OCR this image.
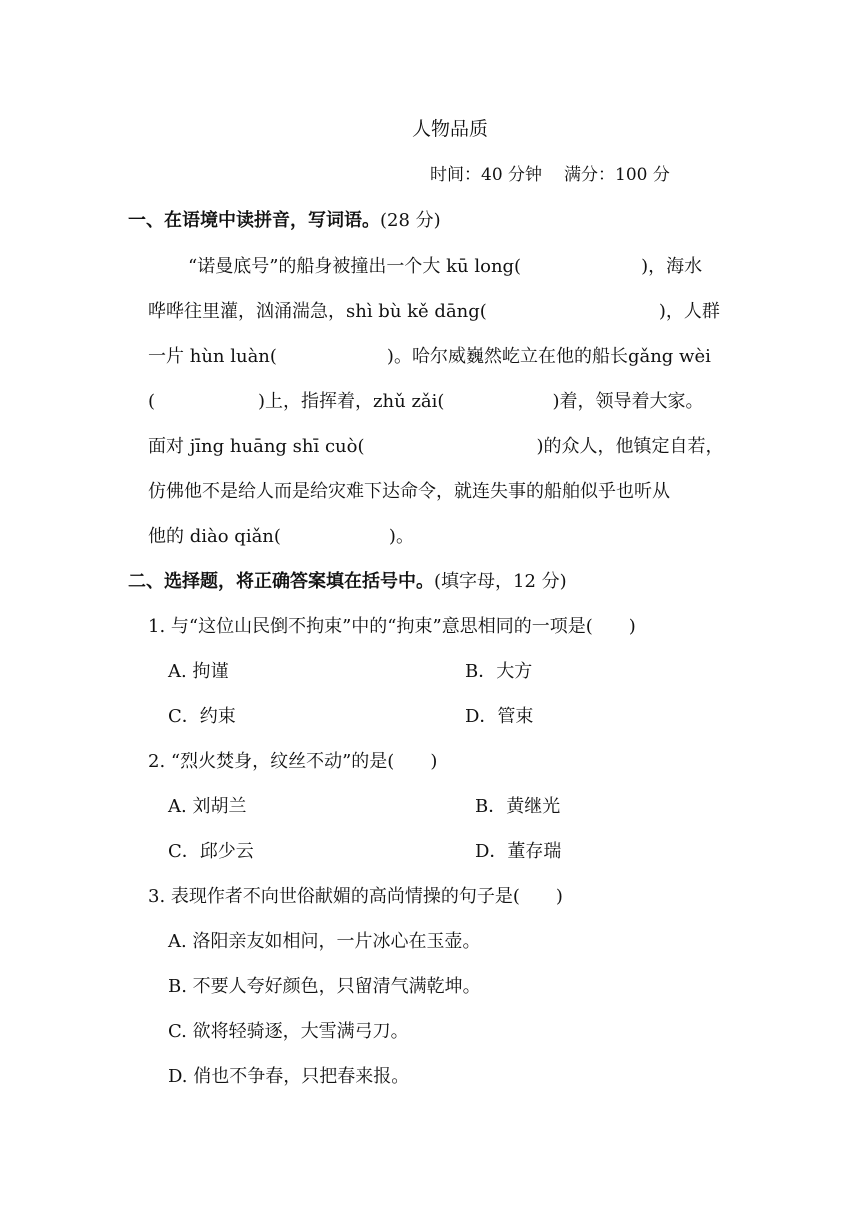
人物品质
时间：40 分钟 满分：100 分
一、在语境中读拼音，写词语。(28 分)
“诺曼底号”的船身被撞出一个大 kū long(	)，海水
哗哗往里灌，汹涌湍急，shì bù kě dāng(	)，人群
一片 hùn luàn(	)。哈尔威巍然屹立在他的船长gǎng wèi
(	)上，指挥着，zhǔ zǎi(	)着，领导着大家。
面对 jīng huāng shī cuò(	)的众人，他镇定自若，
仿佛他不是给人而是给灾难下达命令，就连失事的船舶似乎也听从
他的 diào qiǎn(	)。
二、选择题，将正确答案填在括号中。(填字母，12 分)
1. 与“这位山民倒不拘束”中的“拘束”意思相同的一项是(　　)
A. 拘谨	B．大方
C．约束	D．管束
2. “烈火焚身，纹丝不动”的是(　　)
A. 刘胡兰	B．黄继光
C．邱少云	D．董存瑞
3. 表现作者不向世俗献媚的高尚情操的句子是(　　)
A. 洛阳亲友如相问，一片冰心在玉壶。
B. 不要人夸好颜色，只留清气满乾坤。
C. 欲将轻骑逐，大雪满弓刀。
D. 俏也不争春，只把春来报。
